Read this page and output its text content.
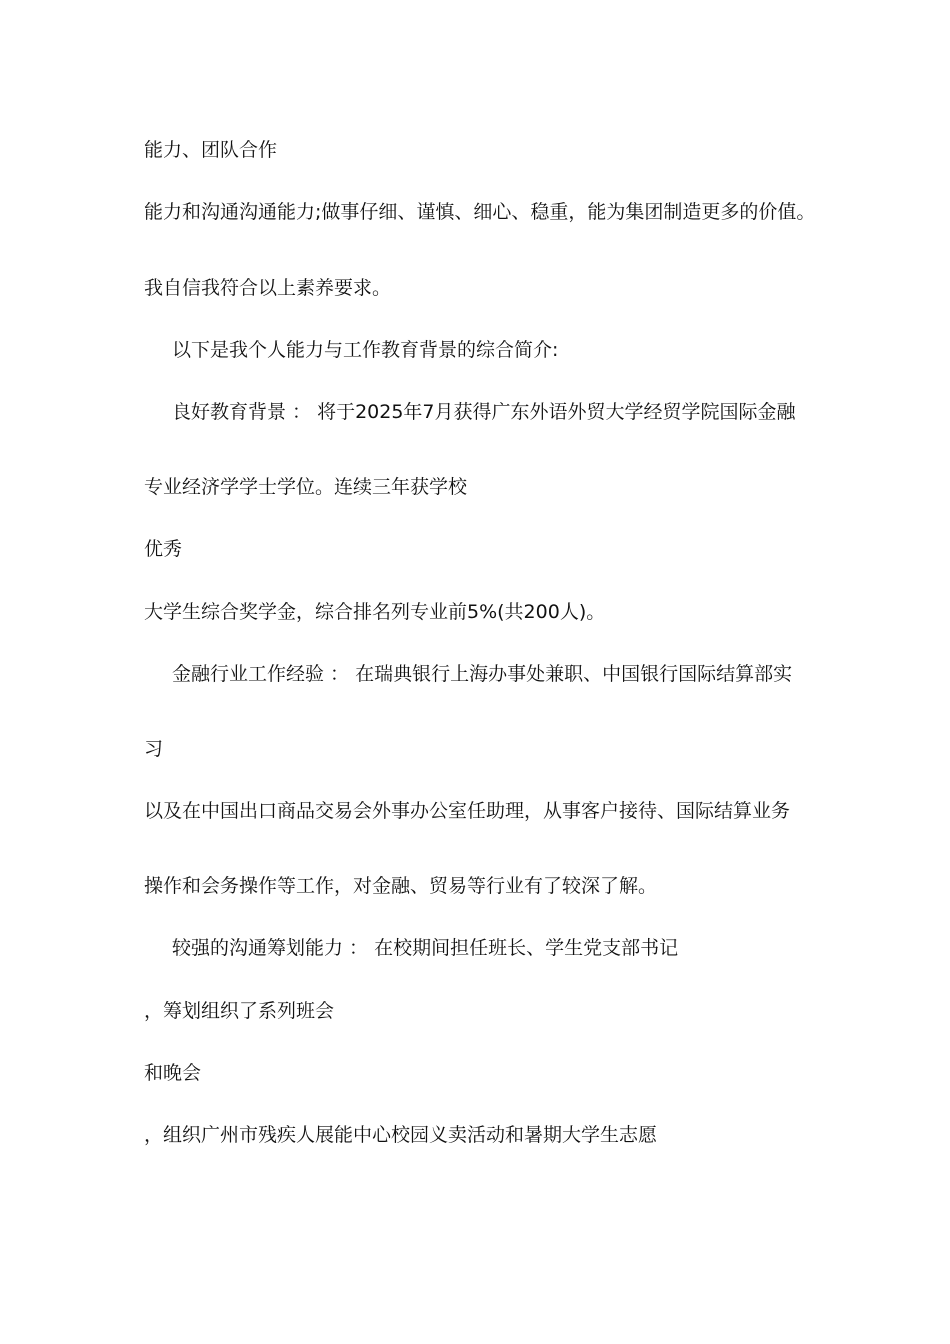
能力、团队合作
能力和沟通沟通能力;做事仔细、谨慎、细心、稳重，能为集团制造更多的价值。
我自信我符合以上素养要求。
以下是我个人能力与工作教育背景的综合简介:
良好教育背景 ： 将于2025年7月获得广东外语外贸大学经贸学院国际金融
专业经济学学士学位。连续三年获学校
优秀
大学生综合奖学金，综合排名列专业前5%(共200人)。
金融行业工作经验 ： 在瑞典银行上海办事处兼职、中国银行国际结算部实
习
以及在中国出口商品交易会外事办公室任助理，从事客户接待、国际结算业务
操作和会务操作等工作，对金融、贸易等行业有了较深了解。
较强的沟通筹划能力 ： 在校期间担任班长、学生党支部书记
，筹划组织了系列班会
和晚会
，组织广州市残疾人展能中心校园义卖活动和暑期大学生志愿
